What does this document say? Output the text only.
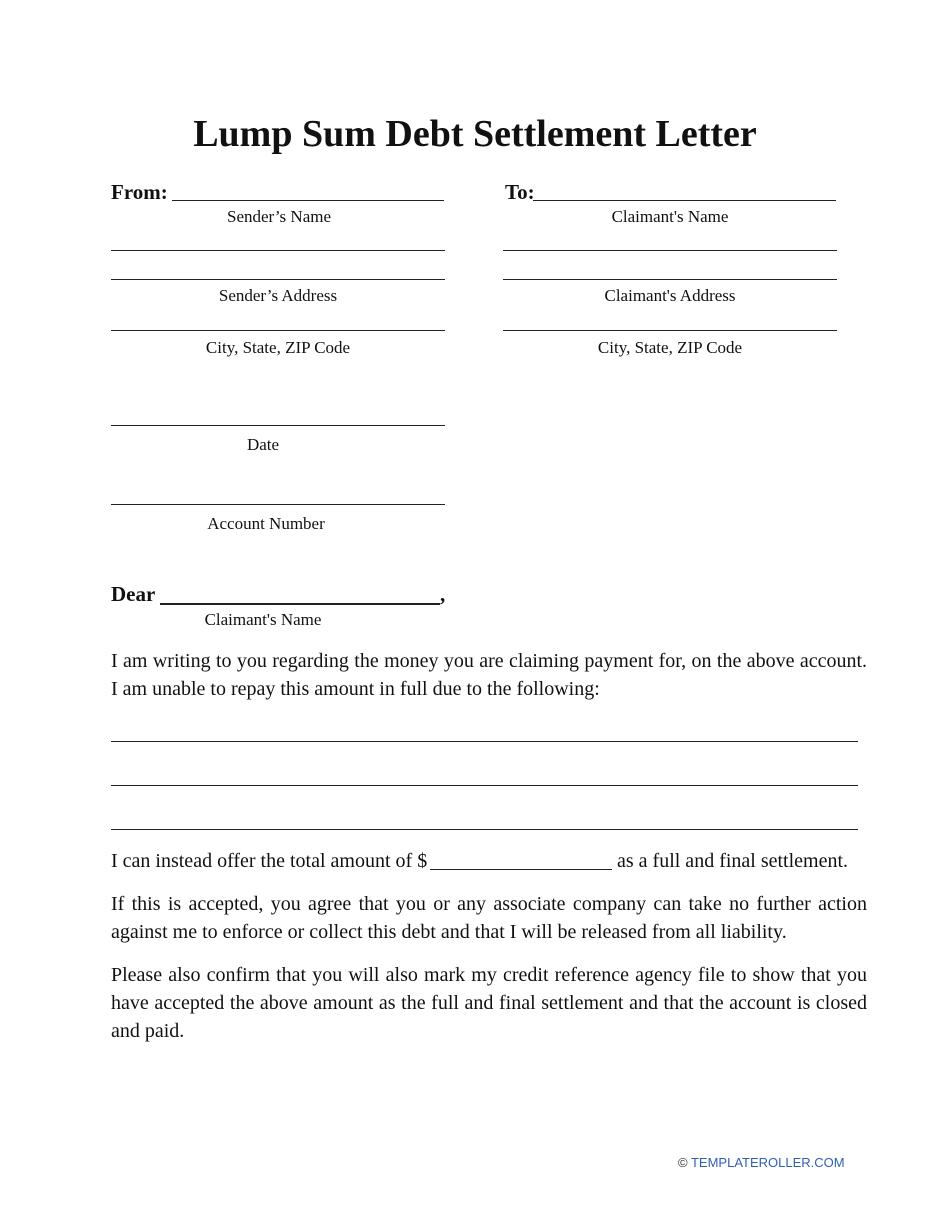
Lump Sum Debt Settlement Letter
From:
Sender’s Name
Sender’s Address
City, State, ZIP Code
To:
Claimant's Name
Claimant's Address
City, State, ZIP Code
Date
Account Number
Dear	,
Claimant's Name
I am writing to you regarding the money you are claiming payment for, on the above account. I am unable to repay this amount in full due to the following:
I can instead offer the total amount of $	as a full and final settlement.
If this is accepted, you agree that you or any associate company can take no further action against me to enforce or collect this debt and that I will be released from all liability.
Please also confirm that you will also mark my credit reference agency file to show that you have accepted the above amount as the full and final settlement and that the account is closed and paid.
© TEMPLATEROLLER.COM
